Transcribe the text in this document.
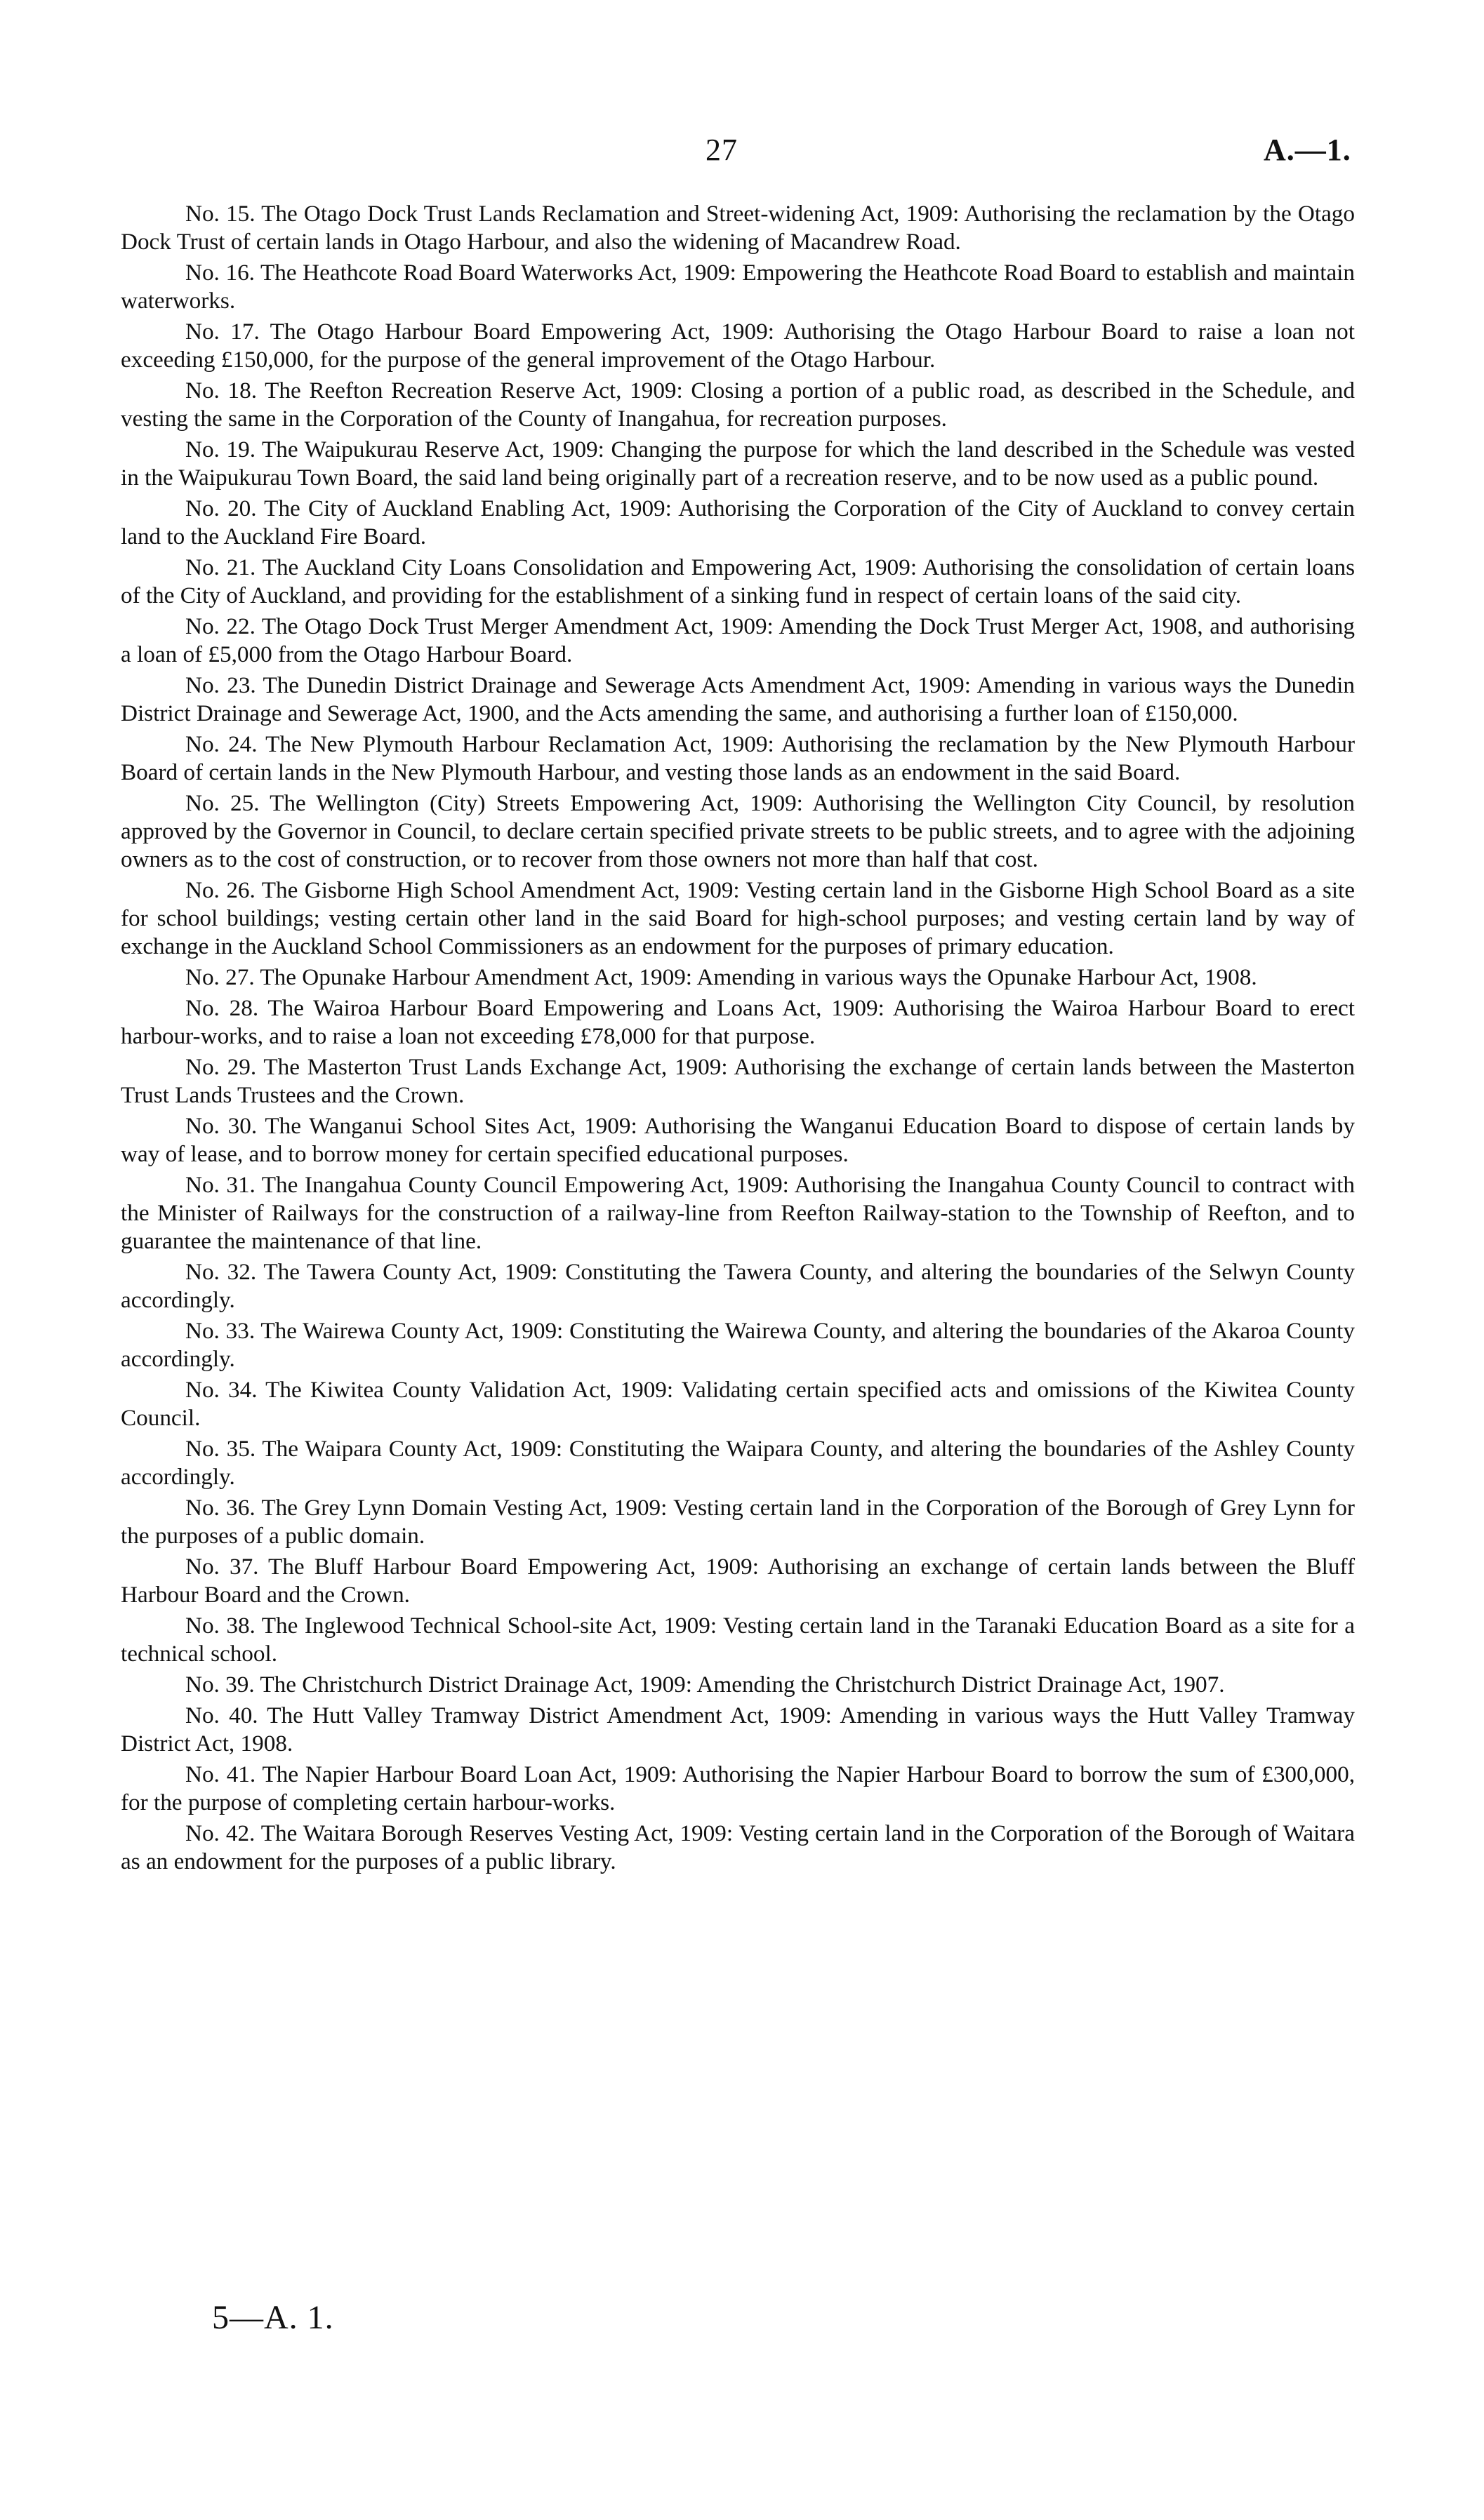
27	A.—1.

No. 15. The Otago Dock Trust Lands Reclamation and Street-widening Act, 1909: Authorising the reclamation by the Otago Dock Trust of certain lands in Otago Harbour, and also the widening of Macandrew Road.

No. 16. The Heathcote Road Board Waterworks Act, 1909: Empowering the Heathcote Road Board to establish and maintain waterworks.

No. 17. The Otago Harbour Board Empowering Act, 1909: Authorising the Otago Harbour Board to raise a loan not exceeding £150,000, for the purpose of the general improvement of the Otago Harbour.

No. 18. The Reefton Recreation Reserve Act, 1909: Closing a portion of a public road, as described in the Schedule, and vesting the same in the Corporation of the County of Inangahua, for recreation purposes.

No. 19. The Waipukurau Reserve Act, 1909: Changing the purpose for which the land described in the Schedule was vested in the Waipukurau Town Board, the said land being originally part of a recreation reserve, and to be now used as a public pound.

No. 20. The City of Auckland Enabling Act, 1909: Authorising the Corporation of the City of Auckland to convey certain land to the Auckland Fire Board.

No. 21. The Auckland City Loans Consolidation and Empowering Act, 1909: Authorising the consolidation of certain loans of the City of Auckland, and providing for the establishment of a sinking fund in respect of certain loans of the said city.

No. 22. The Otago Dock Trust Merger Amendment Act, 1909: Amending the Dock Trust Merger Act, 1908, and authorising a loan of £5,000 from the Otago Harbour Board.

No. 23. The Dunedin District Drainage and Sewerage Acts Amendment Act, 1909: Amending in various ways the Dunedin District Drainage and Sewerage Act, 1900, and the Acts amending the same, and authorising a further loan of £150,000.

No. 24. The New Plymouth Harbour Reclamation Act, 1909: Authorising the reclamation by the New Plymouth Harbour Board of certain lands in the New Plymouth Harbour, and vesting those lands as an endowment in the said Board.

No. 25. The Wellington (City) Streets Empowering Act, 1909: Authorising the Wellington City Council, by resolution approved by the Governor in Council, to declare certain specified private streets to be public streets, and to agree with the adjoining owners as to the cost of construction, or to recover from those owners not more than half that cost.

No. 26. The Gisborne High School Amendment Act, 1909: Vesting certain land in the Gisborne High School Board as a site for school buildings; vesting certain other land in the said Board for high-school purposes; and vesting certain land by way of exchange in the Auckland School Commissioners as an endowment for the purposes of primary education.

No. 27. The Opunake Harbour Amendment Act, 1909: Amending in various ways the Opunake Harbour Act, 1908.

No. 28. The Wairoa Harbour Board Empowering and Loans Act, 1909: Authorising the Wairoa Harbour Board to erect harbour-works, and to raise a loan not exceeding £78,000 for that purpose.

No. 29. The Masterton Trust Lands Exchange Act, 1909: Authorising the exchange of certain lands between the Masterton Trust Lands Trustees and the Crown.

No. 30. The Wanganui School Sites Act, 1909: Authorising the Wanganui Education Board to dispose of certain lands by way of lease, and to borrow money for certain specified educational purposes.

No. 31. The Inangahua County Council Empowering Act, 1909: Authorising the Inangahua County Council to contract with the Minister of Railways for the construction of a railway-line from Reefton Railway-station to the Township of Reefton, and to guarantee the maintenance of that line.

No. 32. The Tawera County Act, 1909: Constituting the Tawera County, and altering the boundaries of the Selwyn County accordingly.

No. 33. The Wairewa County Act, 1909: Constituting the Wairewa County, and altering the boundaries of the Akaroa County accordingly.

No. 34. The Kiwitea County Validation Act, 1909: Validating certain specified acts and omissions of the Kiwitea County Council.

No. 35. The Waipara County Act, 1909: Constituting the Waipara County, and altering the boundaries of the Ashley County accordingly.

No. 36. The Grey Lynn Domain Vesting Act, 1909: Vesting certain land in the Corporation of the Borough of Grey Lynn for the purposes of a public domain.

No. 37. The Bluff Harbour Board Empowering Act, 1909: Authorising an exchange of certain lands between the Bluff Harbour Board and the Crown.

No. 38. The Inglewood Technical School-site Act, 1909: Vesting certain land in the Taranaki Education Board as a site for a technical school.

No. 39. The Christchurch District Drainage Act, 1909: Amending the Christchurch District Drainage Act, 1907.

No. 40. The Hutt Valley Tramway District Amendment Act, 1909: Amending in various ways the Hutt Valley Tramway District Act, 1908.

No. 41. The Napier Harbour Board Loan Act, 1909: Authorising the Napier Harbour Board to borrow the sum of £300,000, for the purpose of completing certain harbour-works.

No. 42. The Waitara Borough Reserves Vesting Act, 1909: Vesting certain land in the Corporation of the Borough of Waitara as an endowment for the purposes of a public library.

5—A. 1.
